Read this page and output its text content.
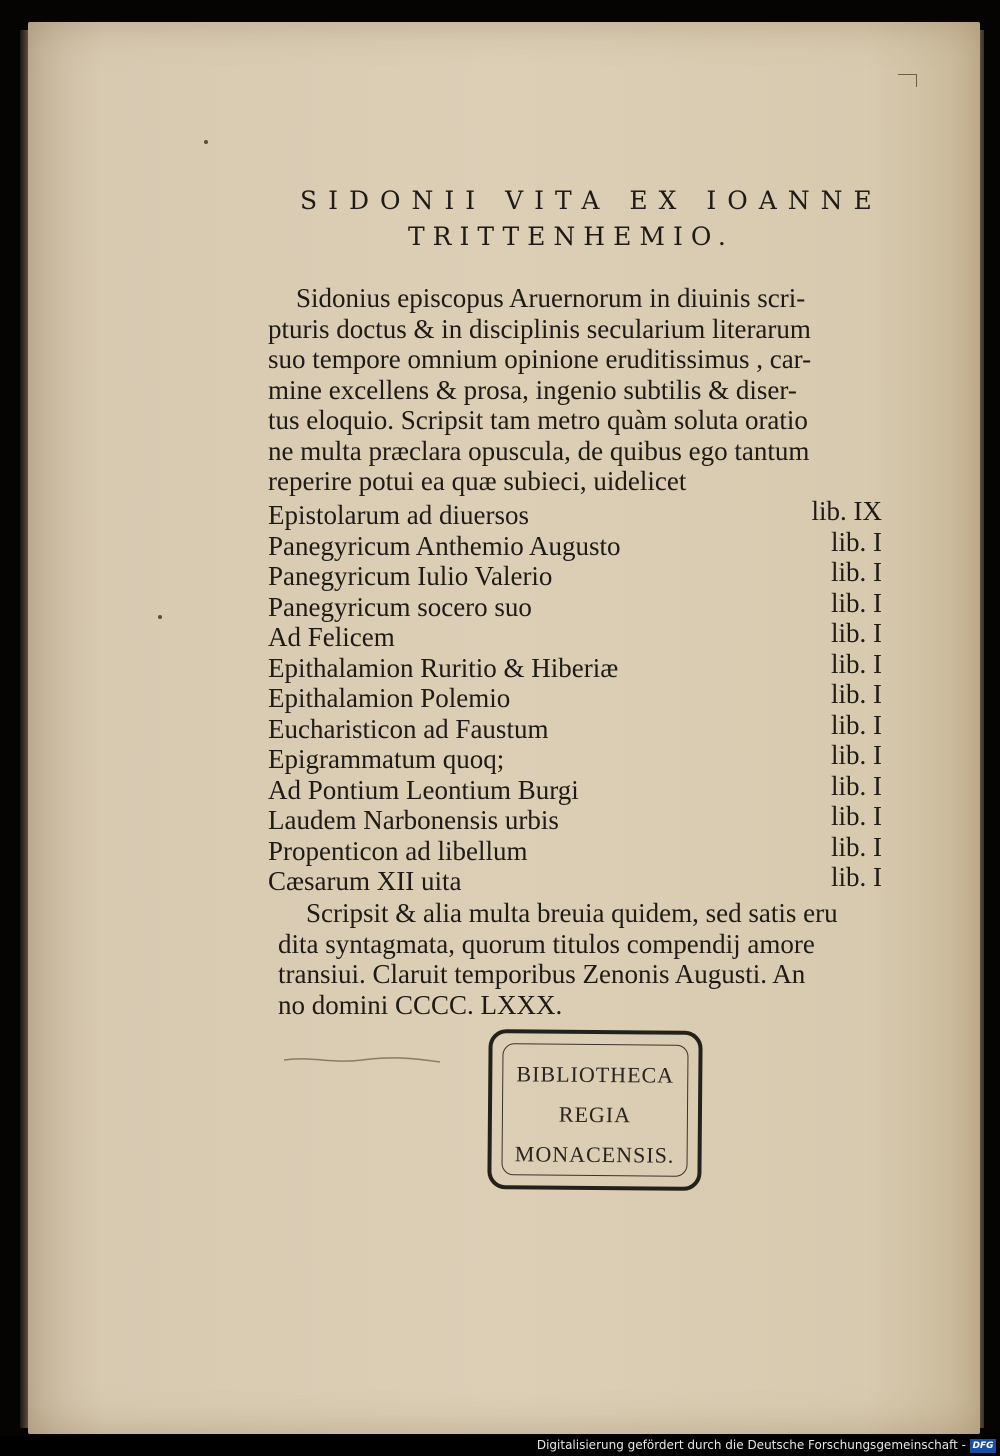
SIDONII VITA EX IOANNE
TRITTENHEMIO.
Sidonius episcopus Aruernorum in diuinis scri-
pturis doctus & in disciplinis secularium literarum
suo tempore omnium opinione eruditissimus , car-
mine excellens & prosa, ingenio subtilis & diser-
tus eloquio. Scripsit tam metro quàm soluta oratio
ne multa præclara opuscula, de quibus ego tantum
reperire potui ea quæ subieci, uidelicet
Epistolarum ad diuersos	lib. IX
Panegyricum Anthemio Augusto	lib. I
Panegyricum Iulio Valerio	lib. I
Panegyricum socero suo	lib. I
Ad Felicem	lib. I
Epithalamion Ruritio & Hiberiæ	lib. I
Epithalamion Polemio	lib. I
Eucharisticon ad Faustum	lib. I
Epigrammatum quoq;	lib. I
Ad Pontium Leontium Burgi	lib. I
Laudem Narbonensis urbis	lib. I
Propenticon ad libellum	lib. I
Cæsarum XII uita	lib. I
Scripsit & alia multa breuia quidem, sed satis eru
dita syntagmata, quorum titulos compendij amore
transiui. Claruit temporibus Zenonis Augusti. An
no domini CCCC. LXXX.
BIBLIOTHECA
REGIA
MONACENSIS.
Digitalisierung gefördert durch die Deutsche Forschungsgemeinschaft - DFG
